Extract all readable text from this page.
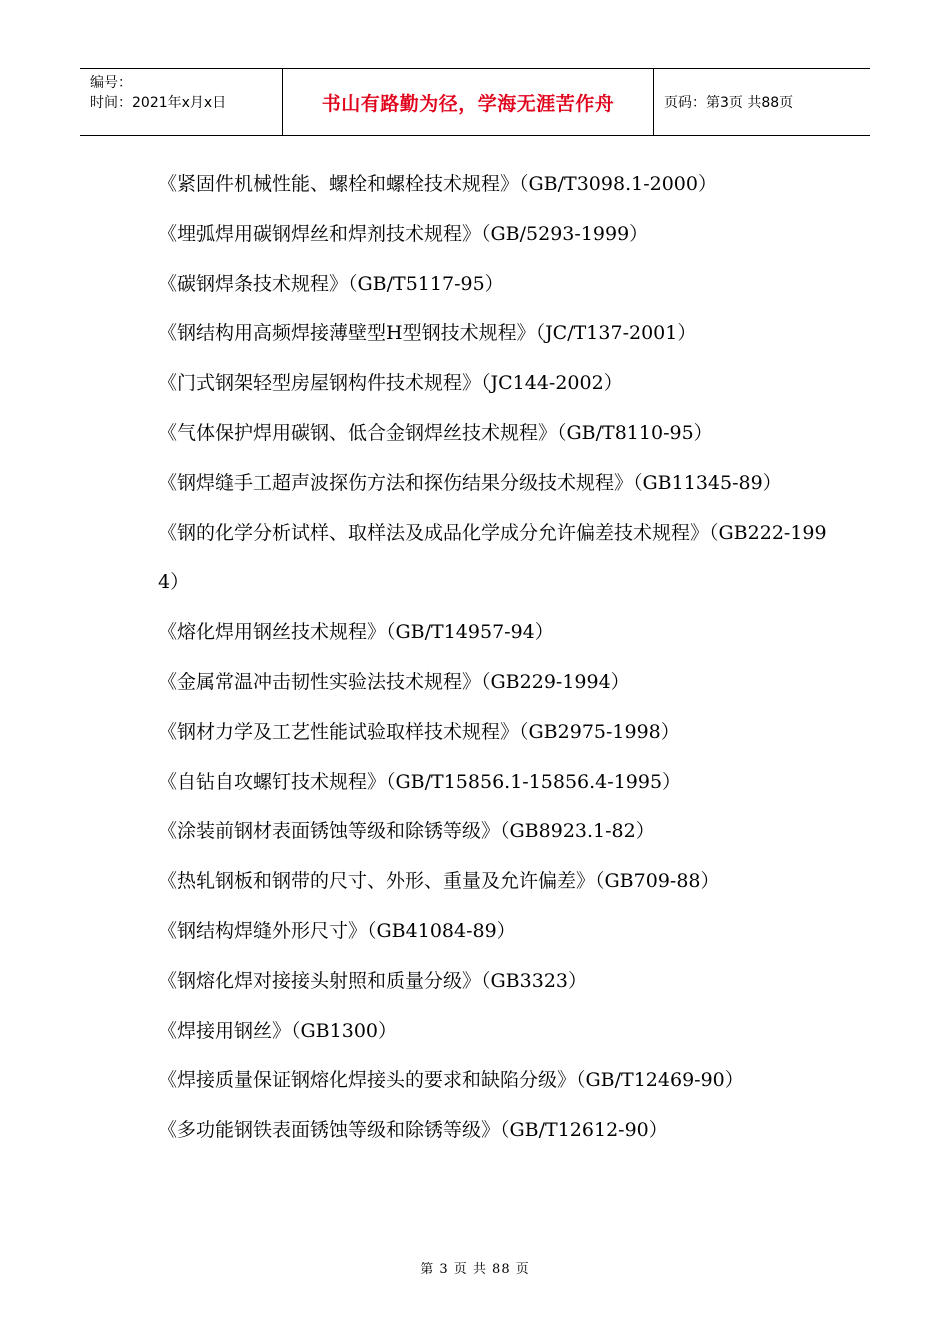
编号：
时间：2021年x月x日	书山有路勤为径，学海无涯苦作舟	页码：第3页 共88页
《紧固件机械性能、螺栓和螺栓技术规程》（GB/T3098.1-2000）
《埋弧焊用碳钢焊丝和焊剂技术规程》（GB/5293-1999）
《碳钢焊条技术规程》（GB/T5117-95）
《钢结构用高频焊接薄壁型H型钢技术规程》（JC/T137-2001）
《门式钢架轻型房屋钢构件技术规程》（JC144-2002）
《气体保护焊用碳钢、低合金钢焊丝技术规程》（GB/T8110-95）
《钢焊缝手工超声波探伤方法和探伤结果分级技术规程》（GB11345-89）
《钢的化学分析试样、取样法及成品化学成分允许偏差技术规程》（GB222-1994）
《熔化焊用钢丝技术规程》（GB/T14957-94）
《金属常温冲击韧性实验法技术规程》（GB229-1994）
《钢材力学及工艺性能试验取样技术规程》（GB2975-1998）
《自钻自攻螺钉技术规程》（GB/T15856.1-15856.4-1995）
《涂装前钢材表面锈蚀等级和除锈等级》（GB8923.1-82）
《热轧钢板和钢带的尺寸、外形、重量及允许偏差》（GB709-88）
《钢结构焊缝外形尺寸》（GB41084-89）
《钢熔化焊对接接头射照和质量分级》（GB3323）
《焊接用钢丝》（GB1300）
《焊接质量保证钢熔化焊接头的要求和缺陷分级》（GB/T12469-90）
《多功能钢铁表面锈蚀等级和除锈等级》（GB/T12612-90）
第 3 页 共 88 页
